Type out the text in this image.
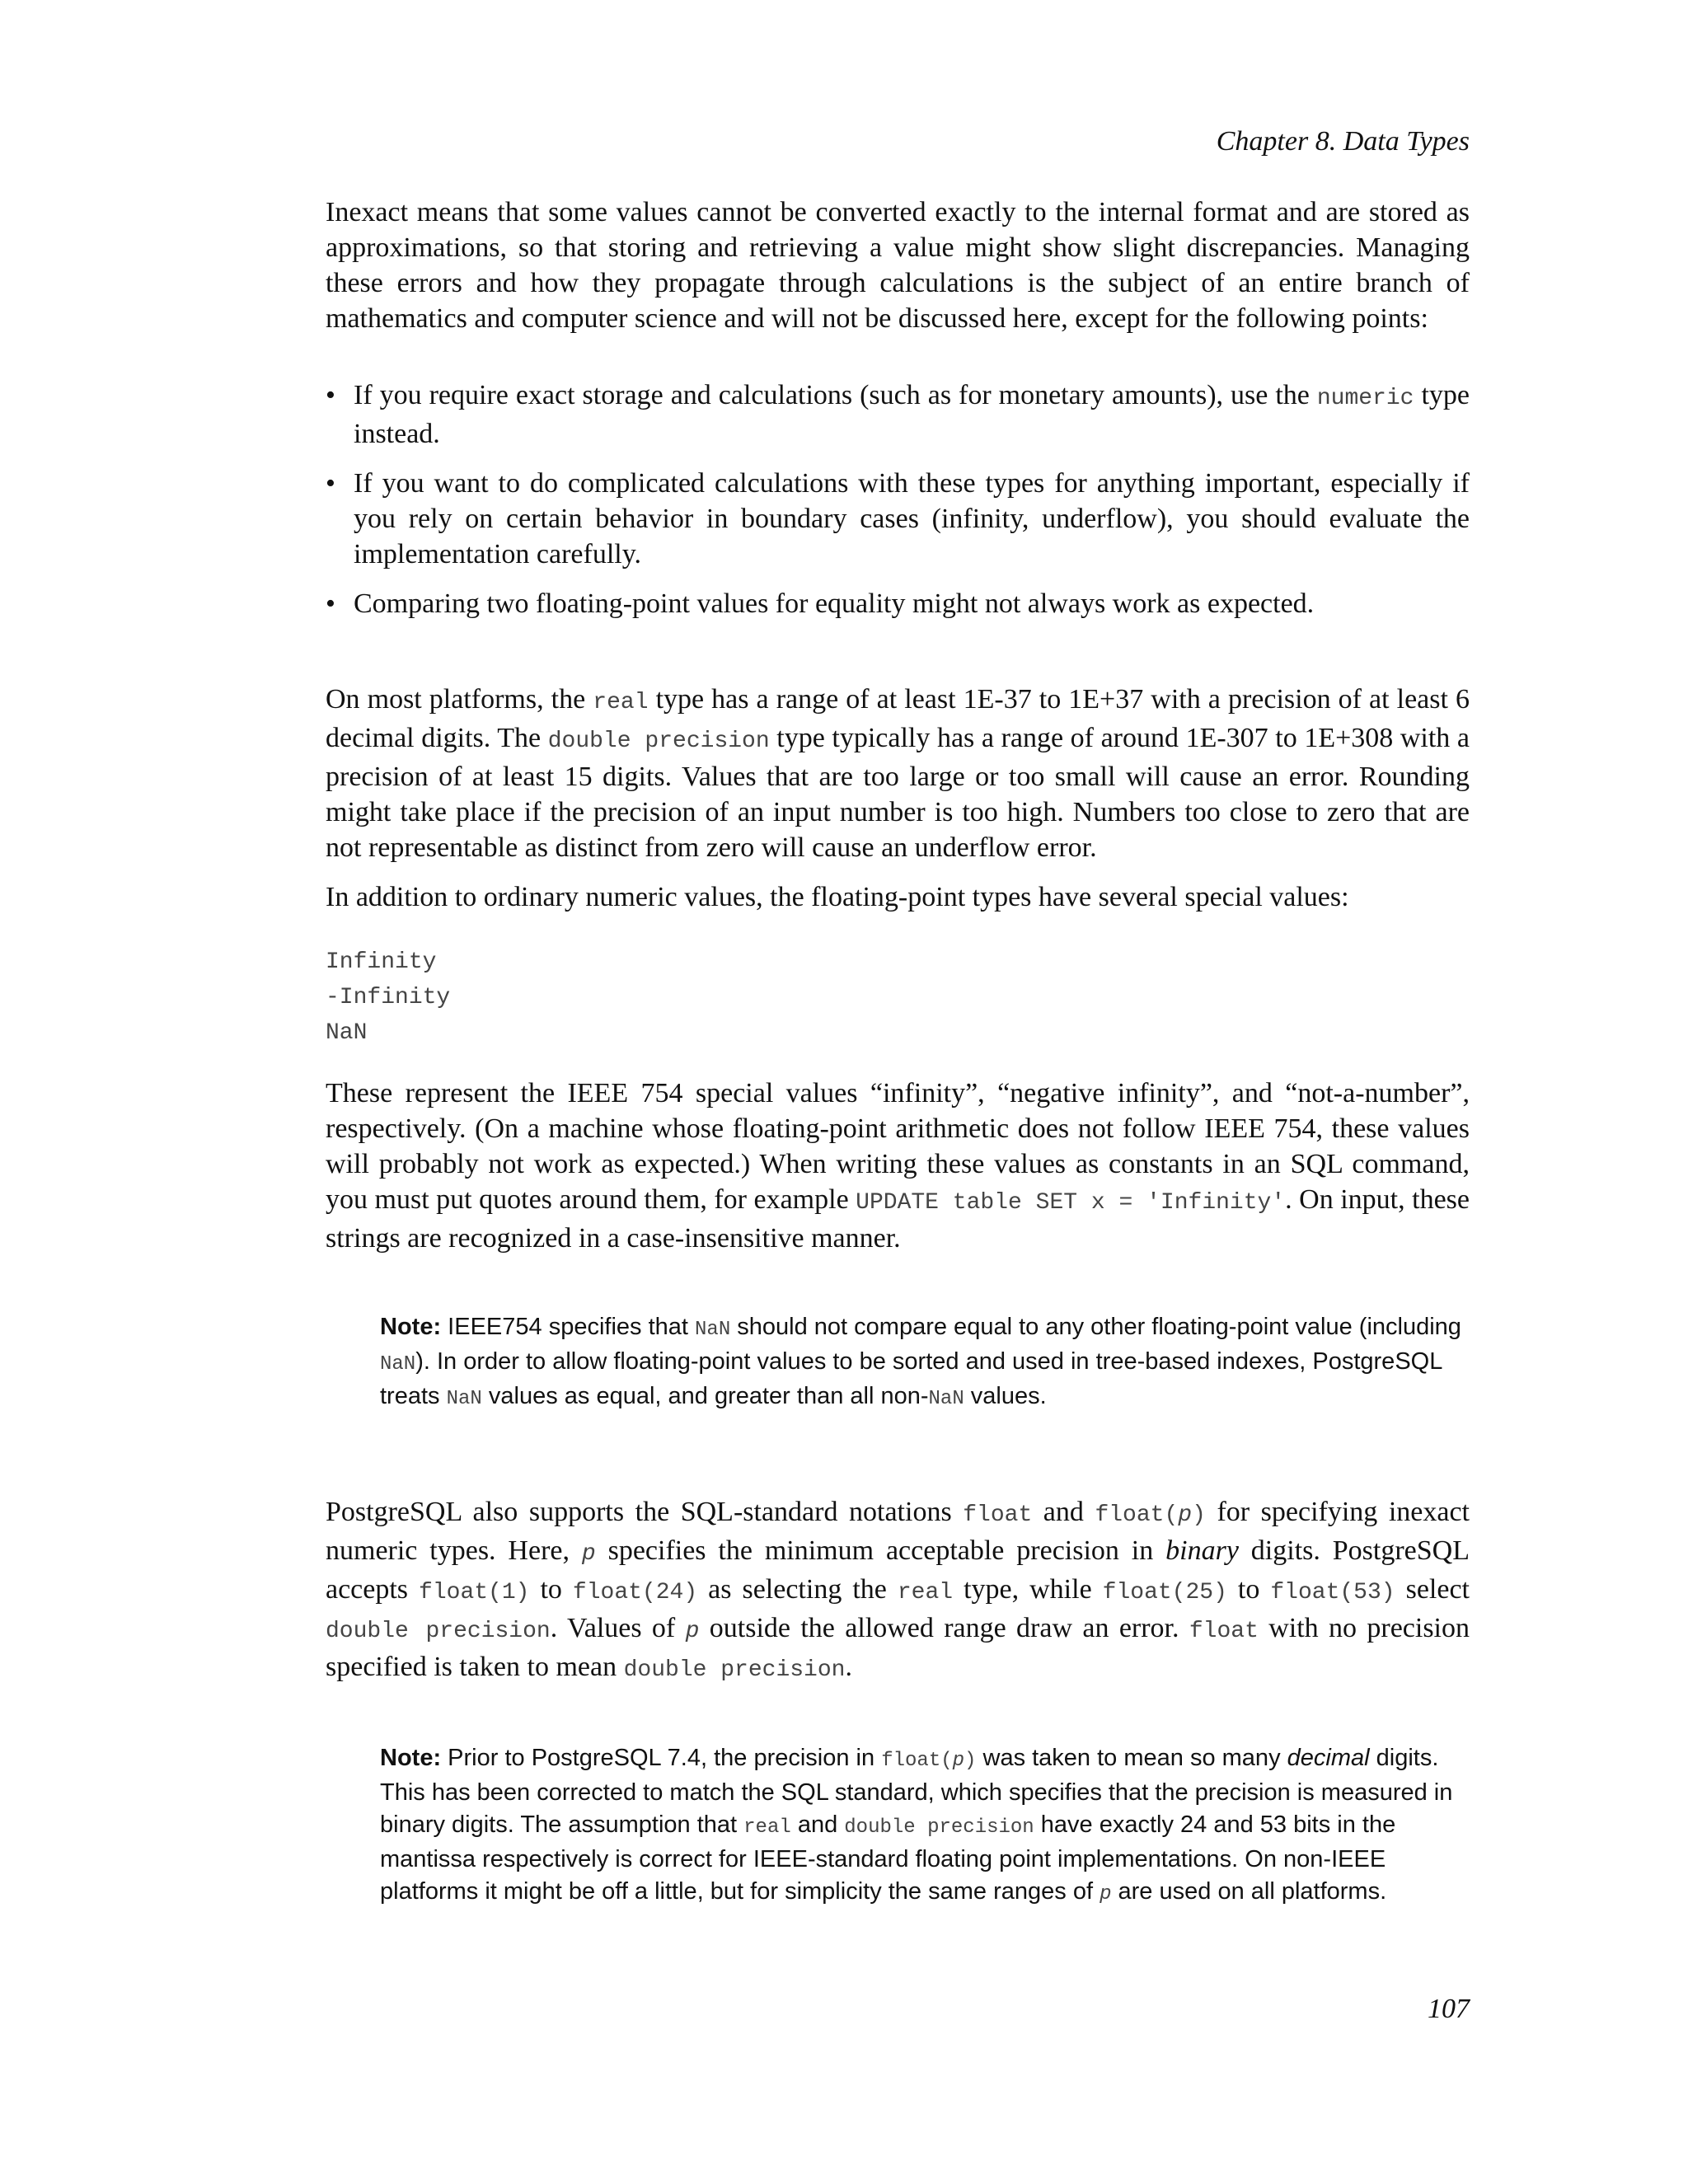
Chapter 8. Data Types

Inexact means that some values cannot be converted exactly to the internal format and are stored as approximations, so that storing and retrieving a value might show slight discrepancies. Managing these errors and how they propagate through calculations is the subject of an entire branch of mathematics and computer science and will not be discussed here, except for the following points:

• If you require exact storage and calculations (such as for monetary amounts), use the numeric type instead.
• If you want to do complicated calculations with these types for anything important, especially if you rely on certain behavior in boundary cases (infinity, underflow), you should evaluate the implementation carefully.
• Comparing two floating-point values for equality might not always work as expected.

On most platforms, the real type has a range of at least 1E-37 to 1E+37 with a precision of at least 6 decimal digits. The double precision type typically has a range of around 1E-307 to 1E+308 with a precision of at least 15 digits. Values that are too large or too small will cause an error. Rounding might take place if the precision of an input number is too high. Numbers too close to zero that are not representable as distinct from zero will cause an underflow error.

In addition to ordinary numeric values, the floating-point types have several special values:

Infinity
-Infinity
NaN

These represent the IEEE 754 special values “infinity”, “negative infinity”, and “not-a-number”, respectively. (On a machine whose floating-point arithmetic does not follow IEEE 754, these values will probably not work as expected.) When writing these values as constants in an SQL command, you must put quotes around them, for example UPDATE table SET x = 'Infinity'. On input, these strings are recognized in a case-insensitive manner.

Note: IEEE754 specifies that NaN should not compare equal to any other floating-point value (including NaN). In order to allow floating-point values to be sorted and used in tree-based indexes, PostgreSQL treats NaN values as equal, and greater than all non-NaN values.

PostgreSQL also supports the SQL-standard notations float and float(p) for specifying inexact numeric types. Here, p specifies the minimum acceptable precision in binary digits. PostgreSQL accepts float(1) to float(24) as selecting the real type, while float(25) to float(53) select double precision. Values of p outside the allowed range draw an error. float with no precision specified is taken to mean double precision.

Note: Prior to PostgreSQL 7.4, the precision in float(p) was taken to mean so many decimal digits. This has been corrected to match the SQL standard, which specifies that the precision is measured in binary digits. The assumption that real and double precision have exactly 24 and 53 bits in the mantissa respectively is correct for IEEE-standard floating point implementations. On non-IEEE platforms it might be off a little, but for simplicity the same ranges of p are used on all platforms.
107
